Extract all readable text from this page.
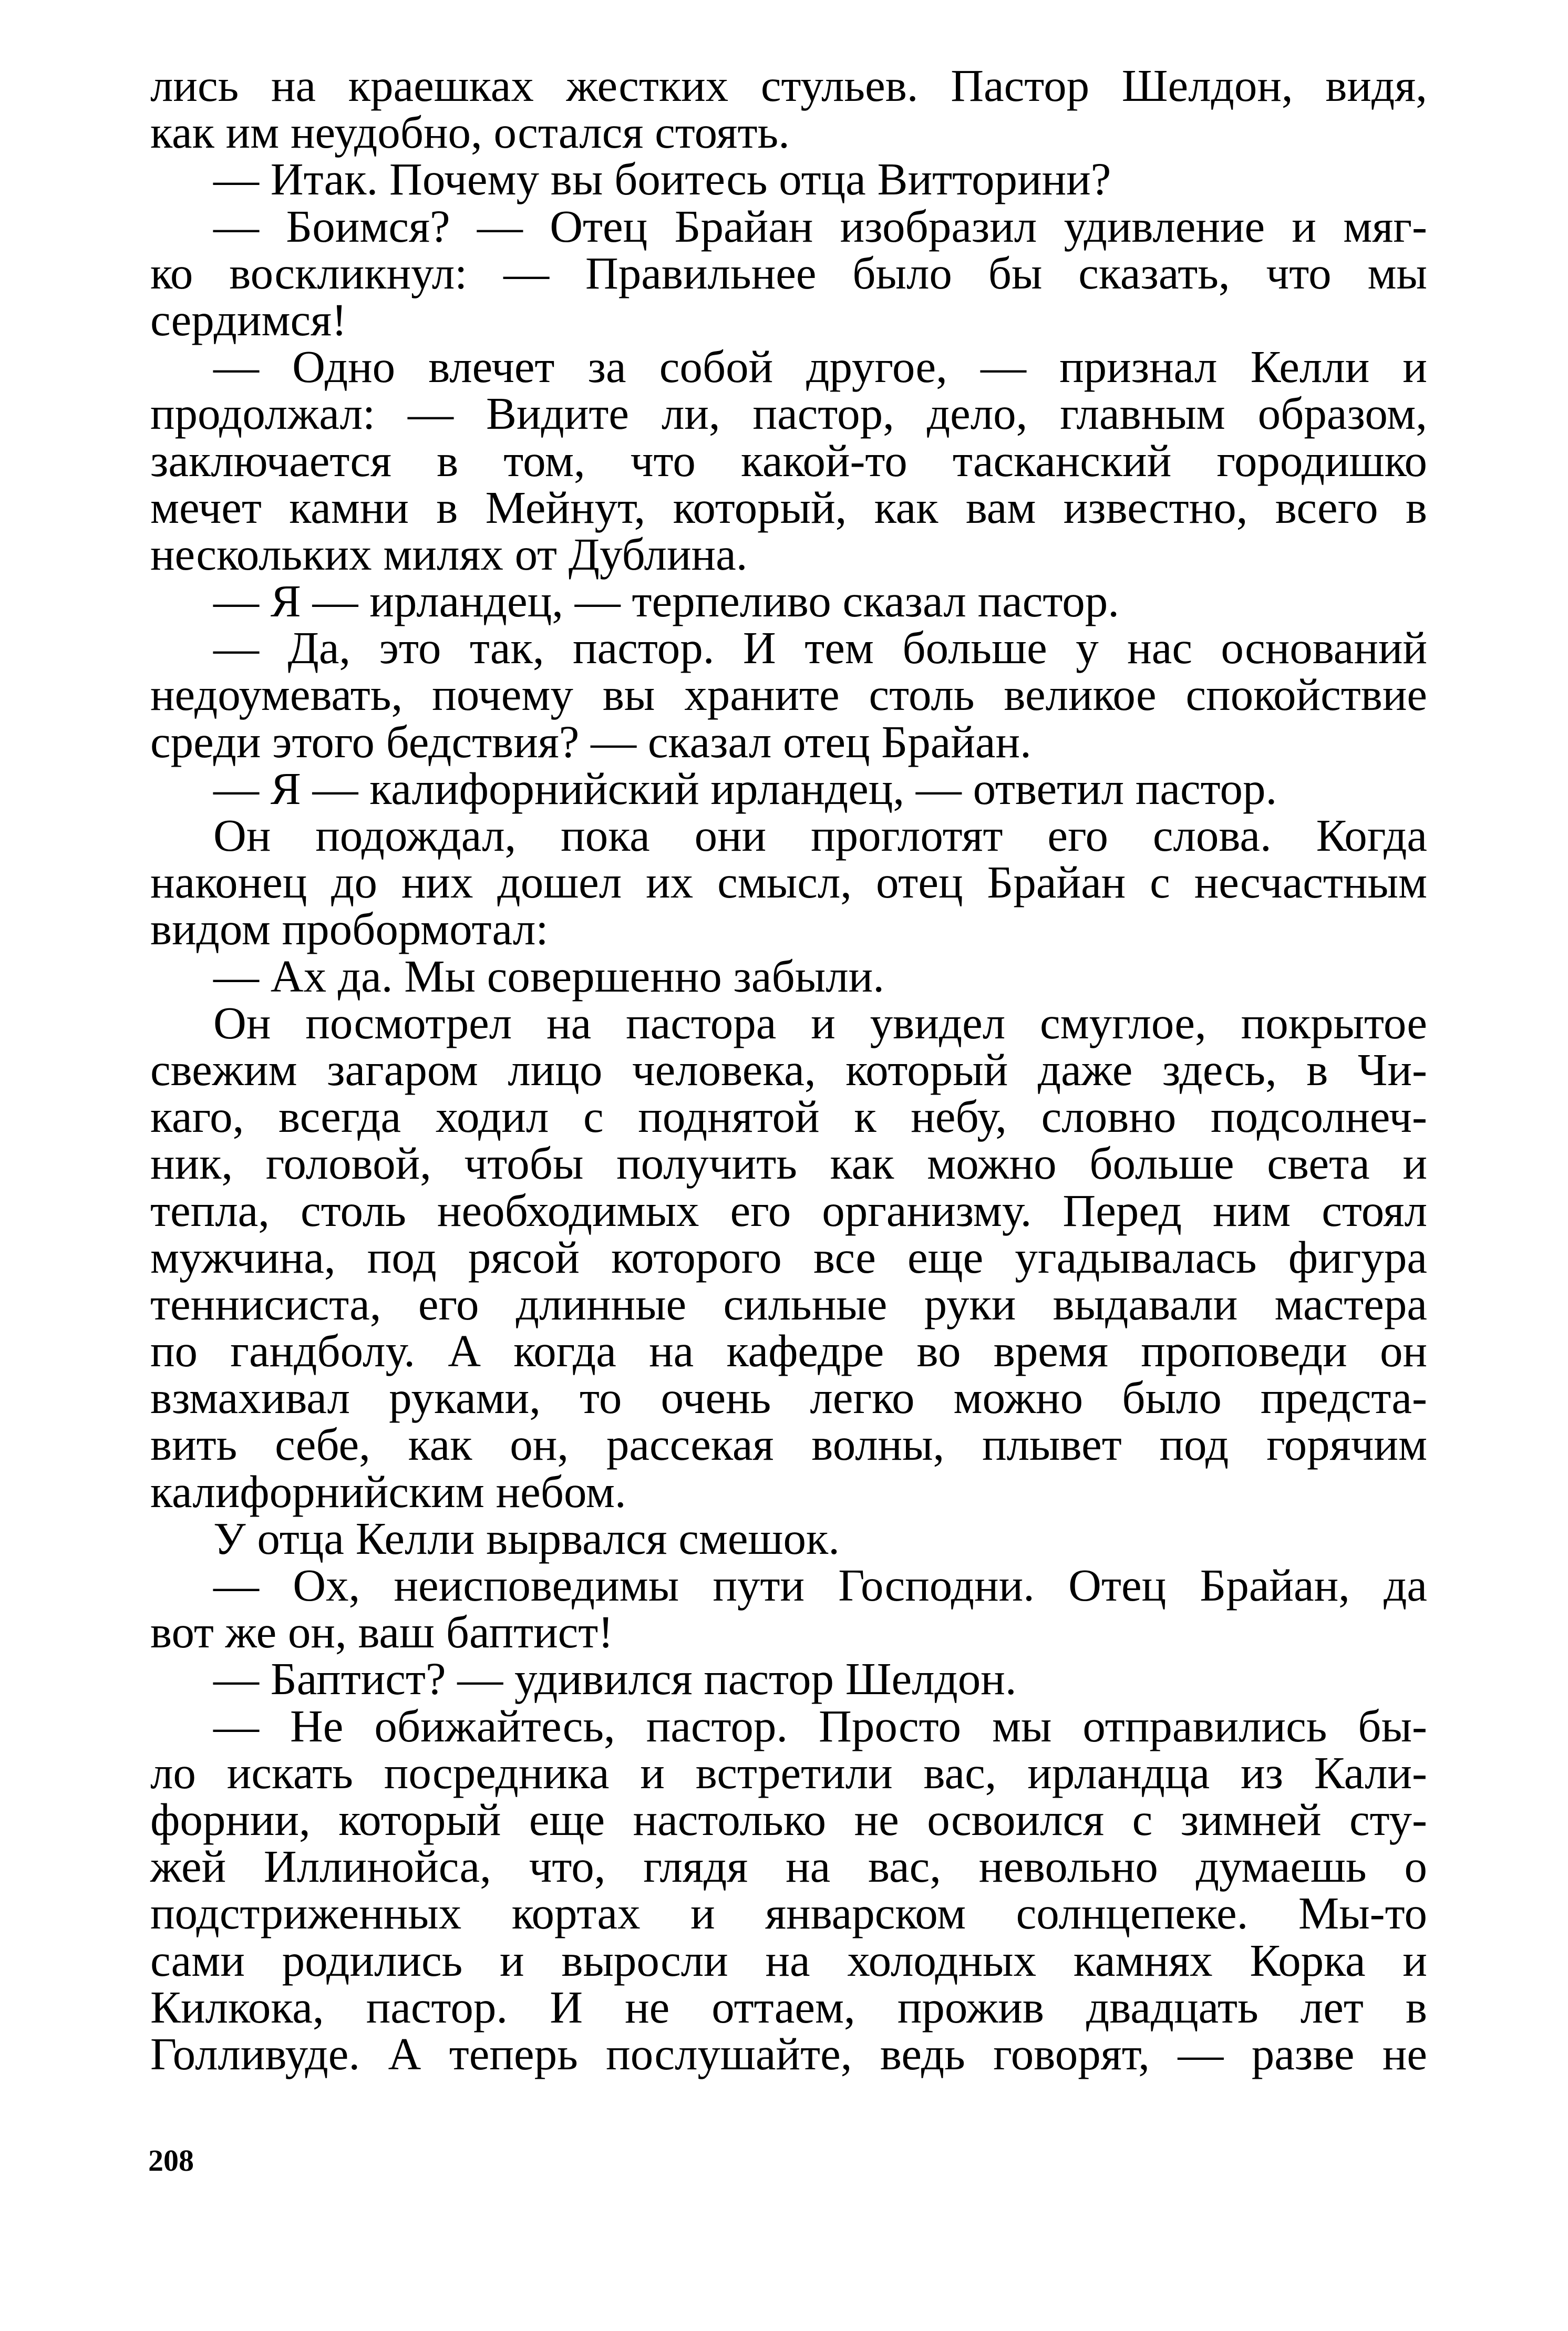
лись на краешках жестких стульев. Пастор Шелдон, видя,
как им неудобно, остался стоять.
— Итак. Почему вы боитесь отца Витторини?
— Боимся? — Отец Брайан изобразил удивление и мяг-
ко воскликнул: — Правильнее было бы сказать, что мы
сердимся!
— Одно влечет за собой другое, — признал Келли и
продолжал: — Видите ли, пастор, дело, главным образом,
заключается в том, что какой-то тасканский городишко
мечет камни в Мейнут, который, как вам известно, всего в
нескольких милях от Дублина.
— Я — ирландец, — терпеливо сказал пастор.
— Да, это так, пастор. И тем больше у нас оснований
недоумевать, почему вы храните столь великое спокойствие
среди этого бедствия? — сказал отец Брайан.
— Я — калифорнийский ирландец, — ответил пастор.
Он подождал, пока они проглотят его слова. Когда
наконец до них дошел их смысл, отец Брайан с несчастным
видом пробормотал:
— Ах да. Мы совершенно забыли.
Он посмотрел на пастора и увидел смуглое, покрытое
свежим загаром лицо человека, который даже здесь, в Чи-
каго, всегда ходил с поднятой к небу, словно подсолнеч-
ник, головой, чтобы получить как можно больше света и
тепла, столь необходимых его организму. Перед ним стоял
мужчина, под рясой которого все еще угадывалась фигура
теннисиста, его длинные сильные руки выдавали мастера
по гандболу. А когда на кафедре во время проповеди он
взмахивал руками, то очень легко можно было предста-
вить себе, как он, рассекая волны, плывет под горячим
калифорнийским небом.
У отца Келли вырвался смешок.
— Ох, неисповедимы пути Господни. Отец Брайан, да
вот же он, ваш баптист!
— Баптист? — удивился пастор Шелдон.
— Не обижайтесь, пастор. Просто мы отправились бы-
ло искать посредника и встретили вас, ирландца из Кали-
форнии, который еще настолько не освоился с зимней сту-
жей Иллинойса, что, глядя на вас, невольно думаешь о
подстриженных кортах и январском солнцепеке. Мы-то
сами родились и выросли на холодных камнях Корка и
Килкока, пастор. И не оттаем, прожив двадцать лет в
Голливуде. А теперь послушайте, ведь говорят, — разве не
208
